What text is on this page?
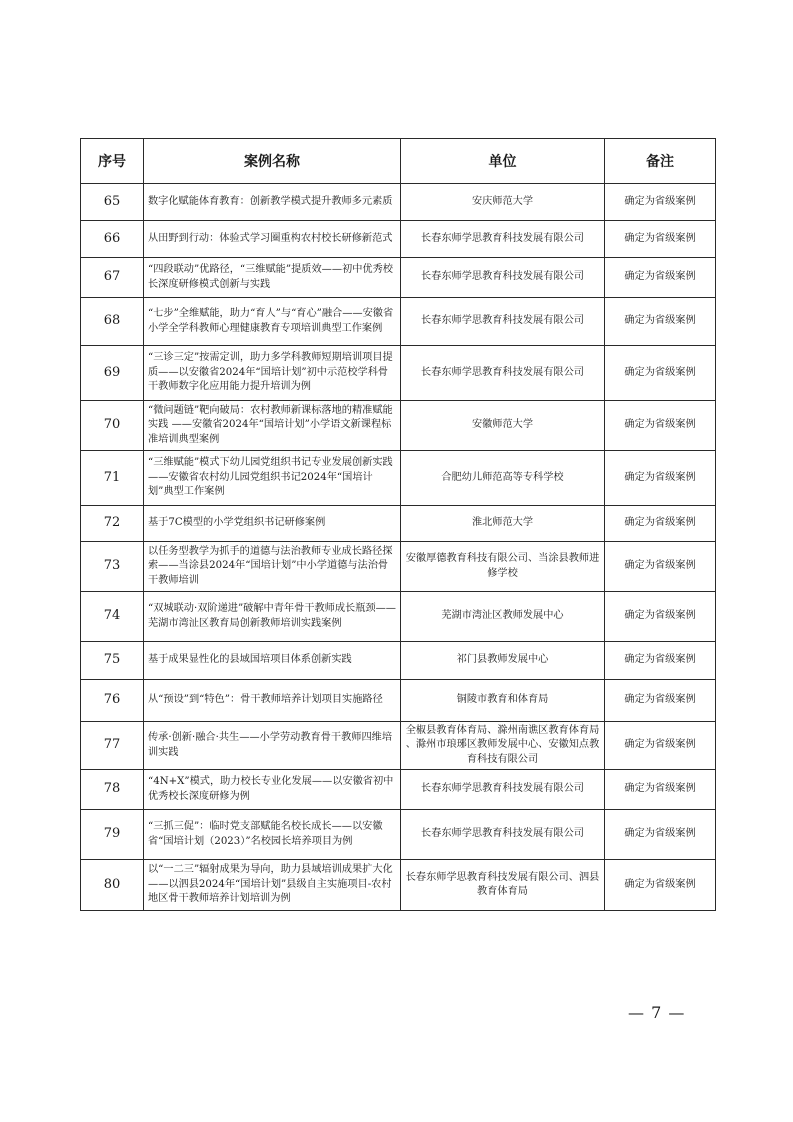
序号	案例名称	单位	备注
65	数字化赋能体育教育：创新教学模式提升教师多元素质	安庆师范大学	确定为省级案例
66	从田野到行动：体验式学习圈重构农村校长研修新范式	长春东师学思教育科技发展有限公司	确定为省级案例
67	“四段联动”优路径，“三维赋能”提质效——初中优秀校长深度研修模式创新与实践	长春东师学思教育科技发展有限公司	确定为省级案例
68	“七步”全维赋能，助力“育人”与“育心”融合——安徽省小学全学科教师心理健康教育专项培训典型工作案例	长春东师学思教育科技发展有限公司	确定为省级案例
69	“三诊三定”按需定训，助力多学科教师短期培训项目提质——以安徽省2024年“国培计划”初中示范校学科骨干教师数字化应用能力提升培训为例	长春东师学思教育科技发展有限公司	确定为省级案例
70	“微问题链”靶向破局：农村教师新课标落地的精准赋能实践 ——安徽省2024年“国培计划”小学语文新课程标准培训典型案例	安徽师范大学	确定为省级案例
71	“三维赋能”模式下幼儿园党组织书记专业发展创新实践——安徽省农村幼儿园党组织书记2024年“国培计划”典型工作案例	合肥幼儿师范高等专科学校	确定为省级案例
72	基于7C模型的小学党组织书记研修案例	淮北师范大学	确定为省级案例
73	以任务型教学为抓手的道德与法治教师专业成长路径探索——当涂县2024年“国培计划”中小学道德与法治骨干教师培训	安徽厚德教育科技有限公司、当涂县教师进修学校	确定为省级案例
74	“双城联动·双阶递进”破解中青年骨干教师成长瓶颈——芜湖市湾沚区教育局创新教师培训实践案例	芜湖市湾沚区教师发展中心	确定为省级案例
75	基于成果显性化的县域国培项目体系创新实践	祁门县教师发展中心	确定为省级案例
76	从“预设”到“特色”：骨干教师培养计划项目实施路径	铜陵市教育和体育局	确定为省级案例
77	传承·创新·融合·共生——小学劳动教育骨干教师四维培训实践	全椒县教育体育局、滁州南谯区教育体育局 、滁州市琅琊区教师发展中心、安徽知点教育科技有限公司	确定为省级案例
78	“4N+X”模式，助力校长专业化发展——以安徽省初中优秀校长深度研修为例	长春东师学思教育科技发展有限公司	确定为省级案例
79	“三抓三促”：临时党支部赋能名校长成长——以安徽省“国培计划（2023）”名校园长培养项目为例	长春东师学思教育科技发展有限公司	确定为省级案例
80	以“一二三”辐射成果为导向，助力县域培训成果扩大化——以泗县2024年“国培计划”县级自主实施项目-农村地区骨干教师培养计划培训为例	长春东师学思教育科技发展有限公司、泗县教育体育局	确定为省级案例
— 7 —
